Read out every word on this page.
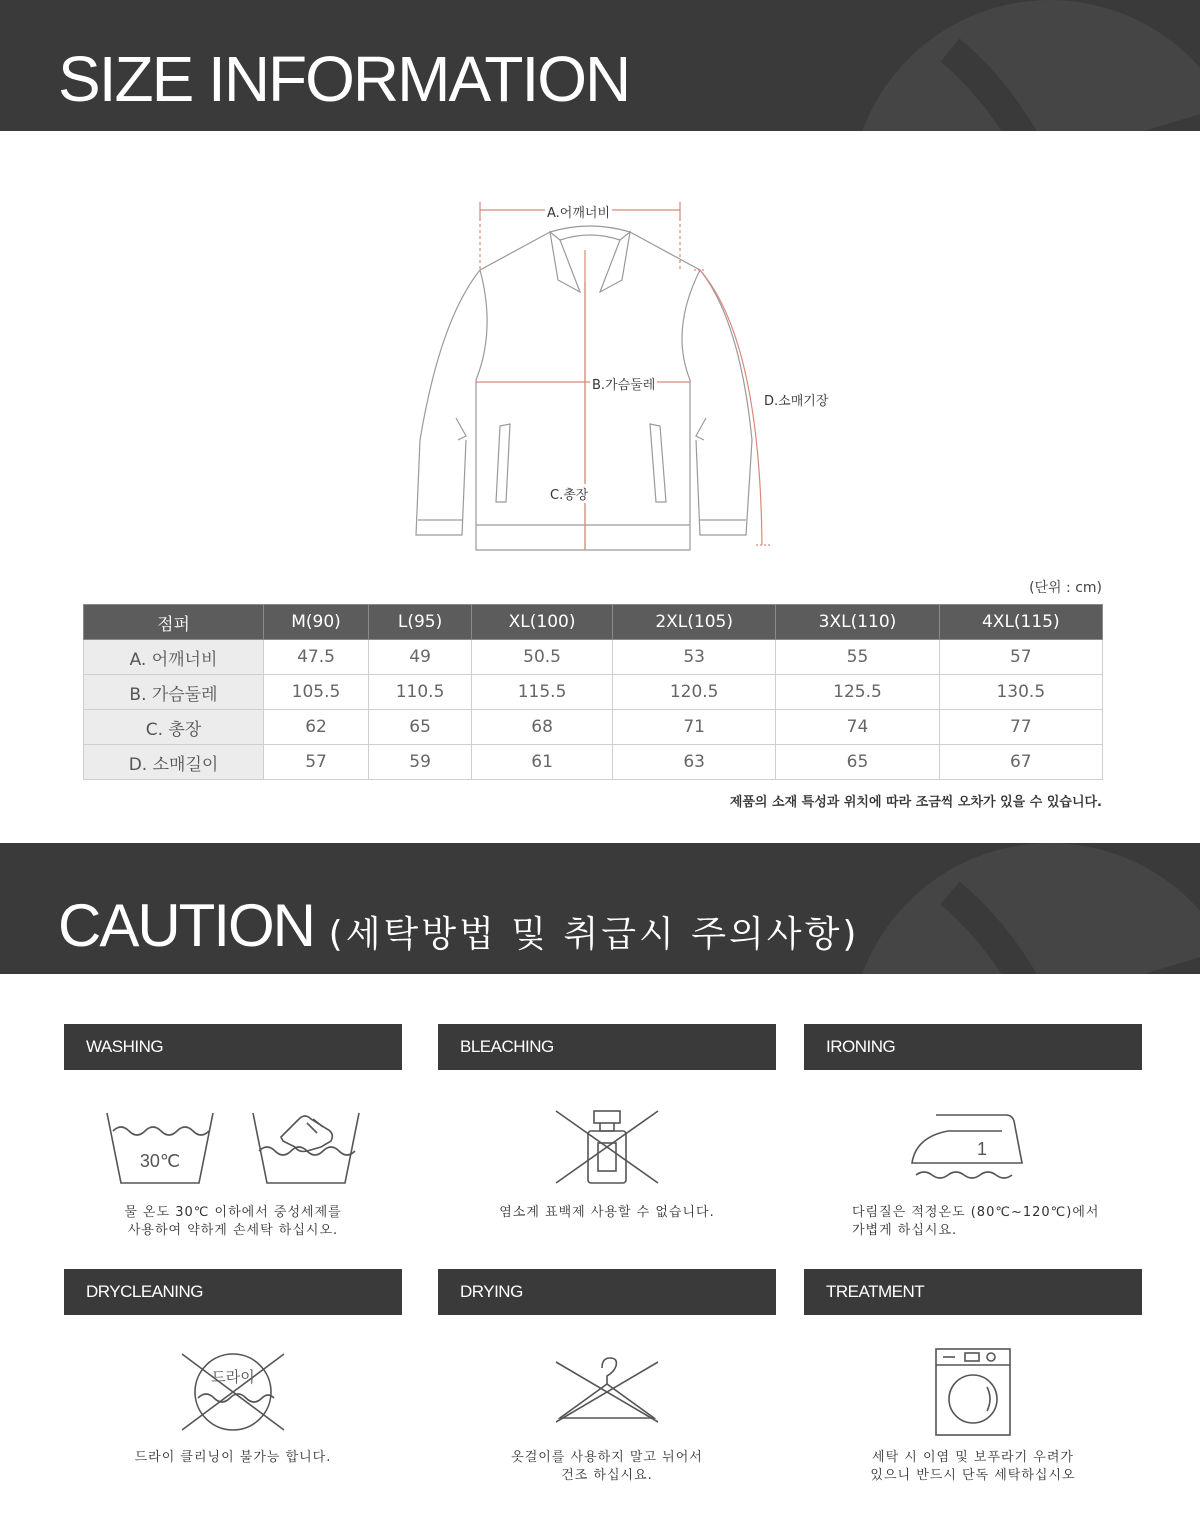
SIZE INFORMATION
A.어깨너비
B.가슴둘레
C.총장
D.소매기장
(단위 : cm)
점퍼	M(90)	L(95)	XL(100)	2XL(105)	3XL(110)	4XL(115)
A. 어깨너비	47.5	49	50.5	53	55	57
B. 가슴둘레	105.5	110.5	115.5	120.5	125.5	130.5
C. 총장	62	65	68	71	74	77
D. 소매길이	57	59	61	63	65	67
제품의 소재 특성과 위치에 따라 조금씩 오차가 있을 수 있습니다.
CAUTION (세탁방법 및 취급시 주의사항)
WASHING
30℃
물 온도 30℃ 이하에서 중성세제를
사용하여 약하게 손세탁 하십시오.
BLEACHING
염소계 표백제 사용할 수 없습니다.
IRONING
1
다림질은 적정온도 (80℃~120℃)에서
가볍게 하십시요.
DRYCLEANING
드라이
드라이 클리닝이 불가능 합니다.
DRYING
옷걸이를 사용하지 말고 뉘어서
건조 하십시요.
TREATMENT
세탁 시 이염 및 보푸라기 우려가
있으니 반드시 단독 세탁하십시오
